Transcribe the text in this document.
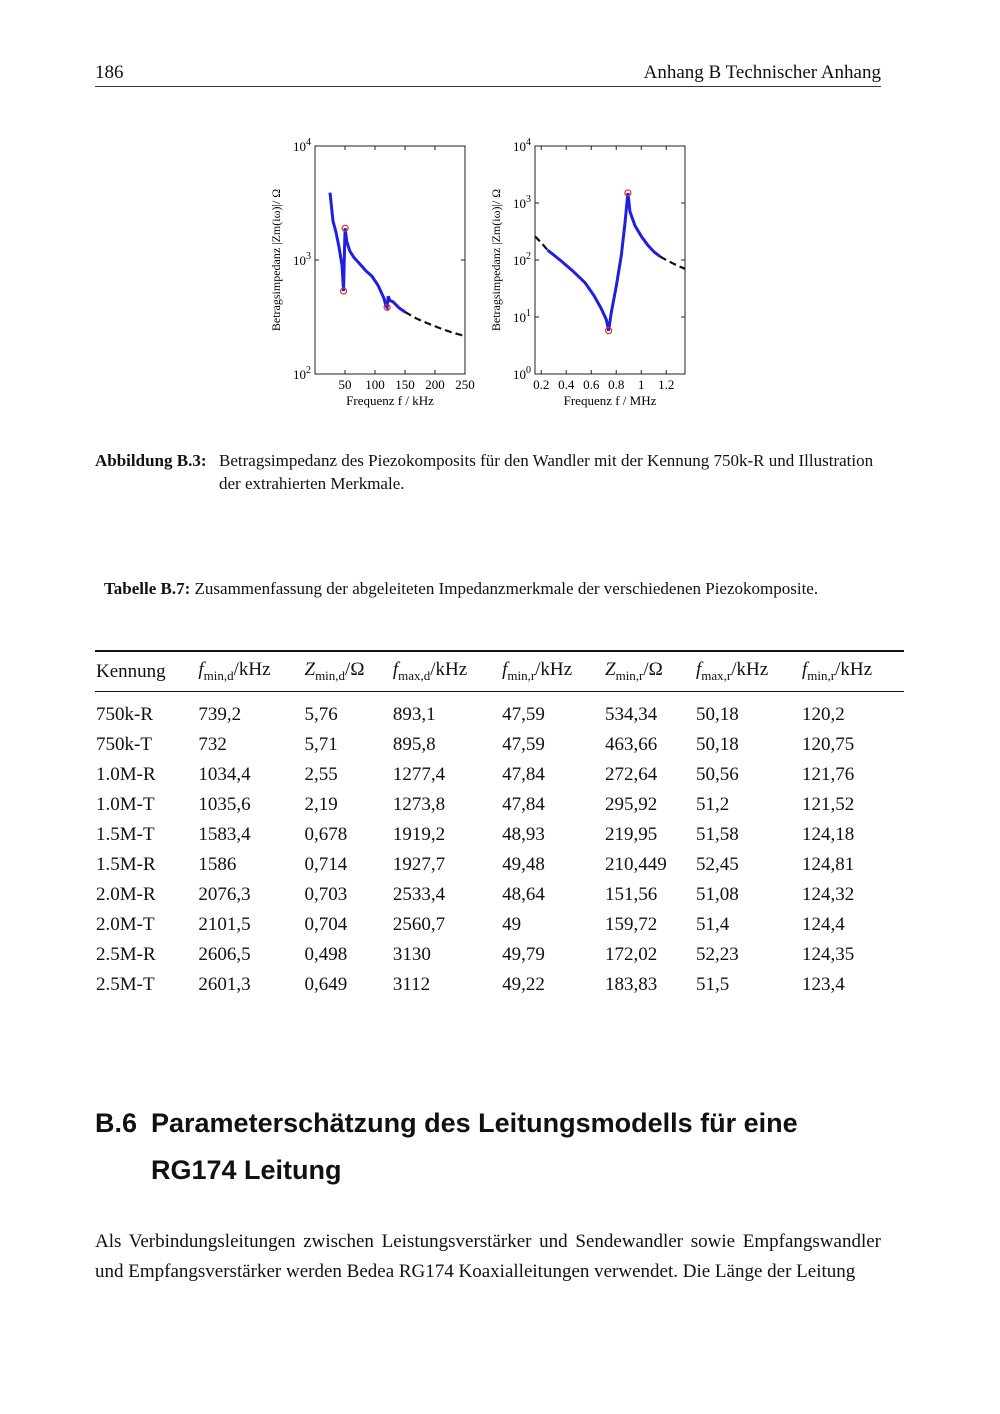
186	Anhang B Technischer Anhang
$10^2$
$10^3$
$10^4$
50 100 150 200 250
Frequenz f / kHz
Betragsimpedanz |Zm(iω)|/ Ω
$10^0$
$10^1$
$10^2$
$10^3$
$10^4$
0.2 0.4 0.6 0.8 1 1.2
Frequenz f / MHz
Betragsimpedanz |Zm(iω)|/ Ω
Abbildung B.3: Betragsimpedanz des Piezokomposits für den Wandler mit der Kennung 750k-R und Illustration der extrahierten Merkmale.
Tabelle B.7: Zusammenfassung der abgeleiteten Impedanzmerkmale der verschiedenen Piezokomposite.
Kennung	$f_{min,d}$/kHz	$Z_{min,d}/\Omega$	$f_{max,d}$/kHz	$f_{min,r}$/kHz	$Z_{min,r}/\Omega$	$f_{max,r}$/kHz	$f_{min,r}$/kHz
750k-R	739,2	5,76	893,1	47,59	534,34	50,18	120,2
750k-T	732	5,71	895,8	47,59	463,66	50,18	120,75
1.0M-R	1034,4	2,55	1277,4	47,84	272,64	50,56	121,76
1.0M-T	1035,6	2,19	1273,8	47,84	295,92	51,2	121,52
1.5M-T	1583,4	0,678	1919,2	48,93	219,95	51,58	124,18
1.5M-R	1586	0,714	1927,7	49,48	210,449	52,45	124,81
2.0M-R	2076,3	0,703	2533,4	48,64	151,56	51,08	124,32
2.0M-T	2101,5	0,704	2560,7	49	159,72	51,4	124,4
2.5M-R	2606,5	0,498	3130	49,79	172,02	52,23	124,35
2.5M-T	2601,3	0,649	3112	49,22	183,83	51,5	123,4
B.6 Parameterschätzung des Leitungsmodells für eine RG174 Leitung
Als Verbindungsleitungen zwischen Leistungsverstärker und Sendewandler sowie Empfangswandler und Empfangsverstärker werden Bedea RG174 Koaxialleitungen verwendet. Die Länge der Leitung
